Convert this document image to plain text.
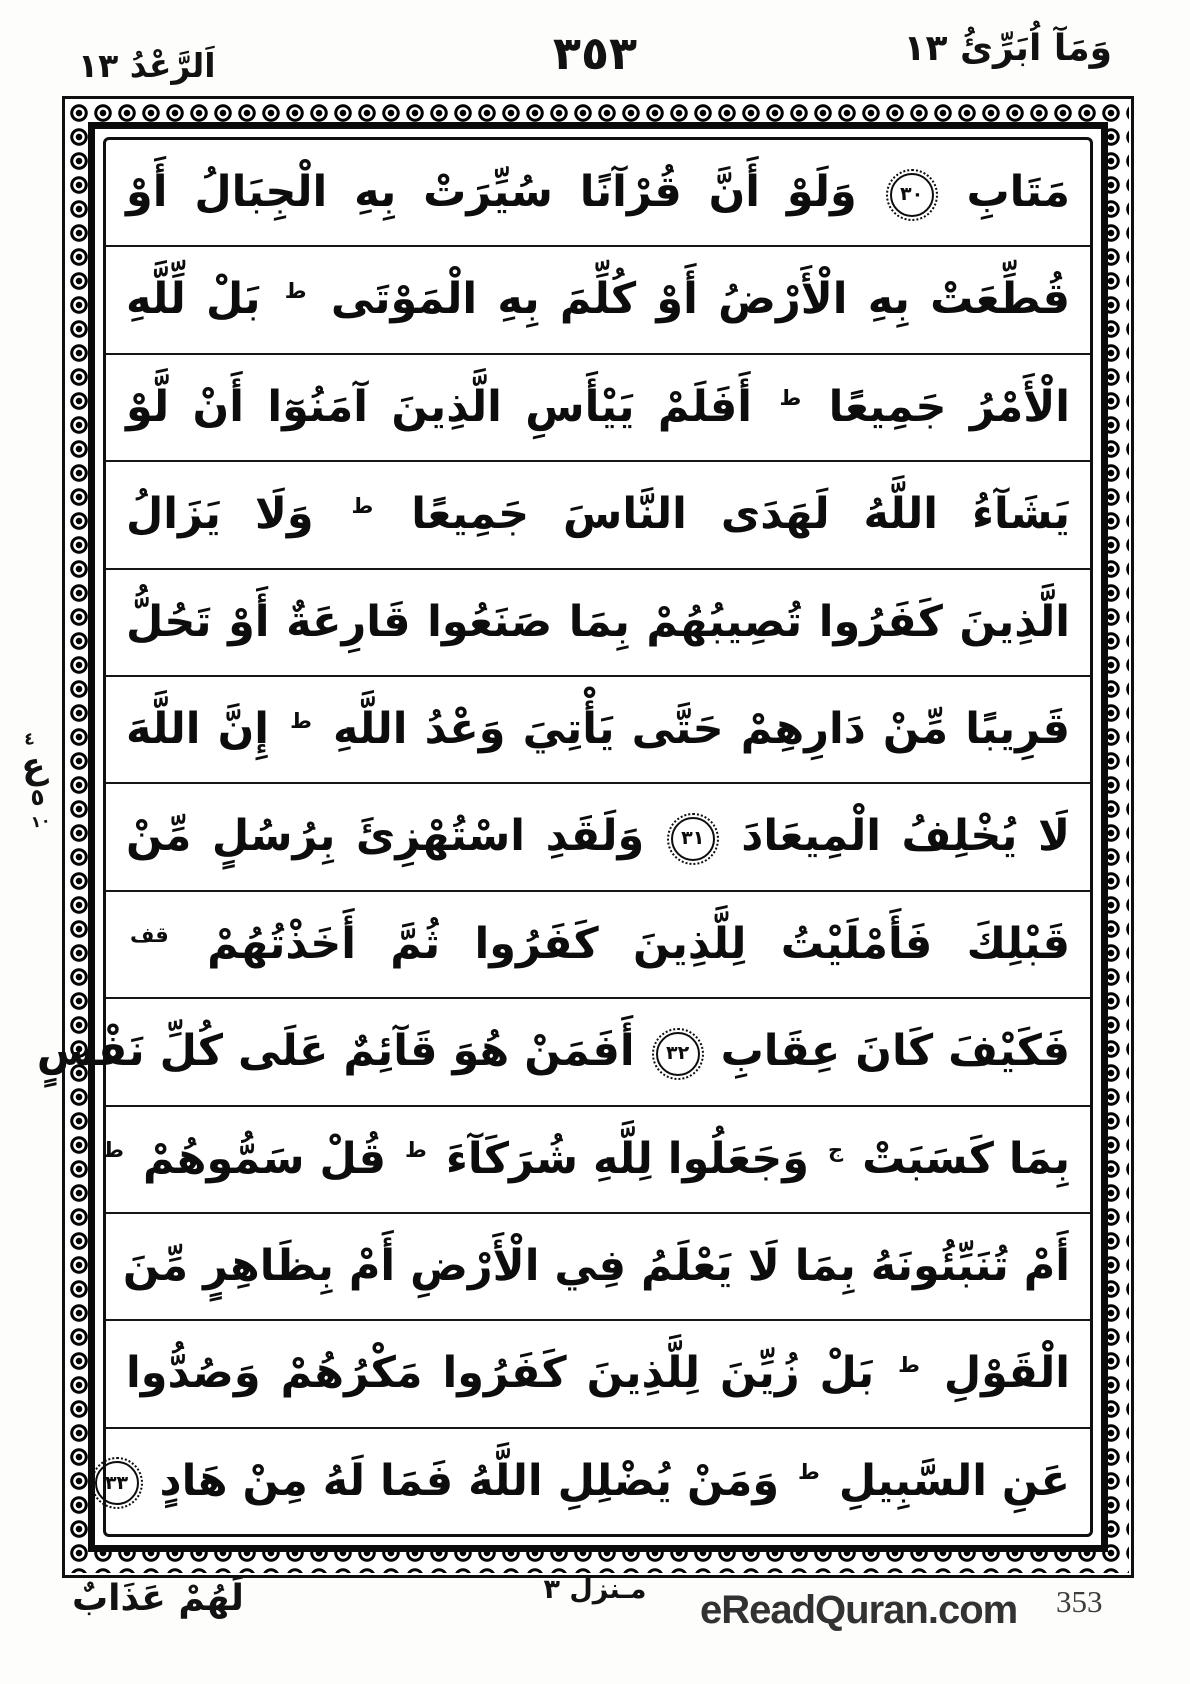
اَلرَّعْدُ ١٣	٣٥٣	وَمَآ اُبَرِّئُ ١٣
٤
ع
٥
١٠
مَتَابِ ٣٠ وَلَوْ أَنَّ قُرْآنًا سُيِّرَتْ بِهِ الْجِبَالُ أَوْ
قُطِّعَتْ بِهِ الْأَرْضُ أَوْ كُلِّمَ بِهِ الْمَوْتَى $^ط$ بَلْ لِّلَّهِ
الْأَمْرُ جَمِيعًا $^ط$ أَفَلَمْ يَيْأَسِ الَّذِينَ آمَنُوٓا أَنْ لَّوْ
يَشَآءُ اللَّهُ لَهَدَى النَّاسَ جَمِيعًا $^ط$ وَلَا يَزَالُ
الَّذِينَ كَفَرُوا تُصِيبُهُمْ بِمَا صَنَعُوا قَارِعَةٌ أَوْ تَحُلُّ
قَرِيبًا مِّنْ دَارِهِمْ حَتَّى يَأْتِيَ وَعْدُ اللَّهِ $^ط$ إِنَّ اللَّهَ
لَا يُخْلِفُ الْمِيعَادَ ٣١ وَلَقَدِ اسْتُهْزِئَ بِرُسُلٍ مِّنْ
قَبْلِكَ فَأَمْلَيْتُ لِلَّذِينَ كَفَرُوا ثُمَّ أَخَذْتُهُمْ $^{قف}$
فَكَيْفَ كَانَ عِقَابِ ٣٢ أَفَمَنْ هُوَ قَآئِمٌ عَلَى كُلِّ نَفْسٍ
بِمَا كَسَبَتْ $^ج$ وَجَعَلُوا لِلَّهِ شُرَكَآءَ $^ط$ قُلْ سَمُّوهُمْ $^ط$
أَمْ تُنَبِّئُونَهُ بِمَا لَا يَعْلَمُ فِي الْأَرْضِ أَمْ بِظَاهِرٍ مِّنَ
الْقَوْلِ $^ط$ بَلْ زُيِّنَ لِلَّذِينَ كَفَرُوا مَكْرُهُمْ وَصُدُّوا
عَنِ السَّبِيلِ $^ط$ وَمَنْ يُضْلِلِ اللَّهُ فَمَا لَهُ مِنْ هَادٍ ٣٣
لَهُمْ عَذَابٌ	مـنزل ٣	eReadQuran.com 353
